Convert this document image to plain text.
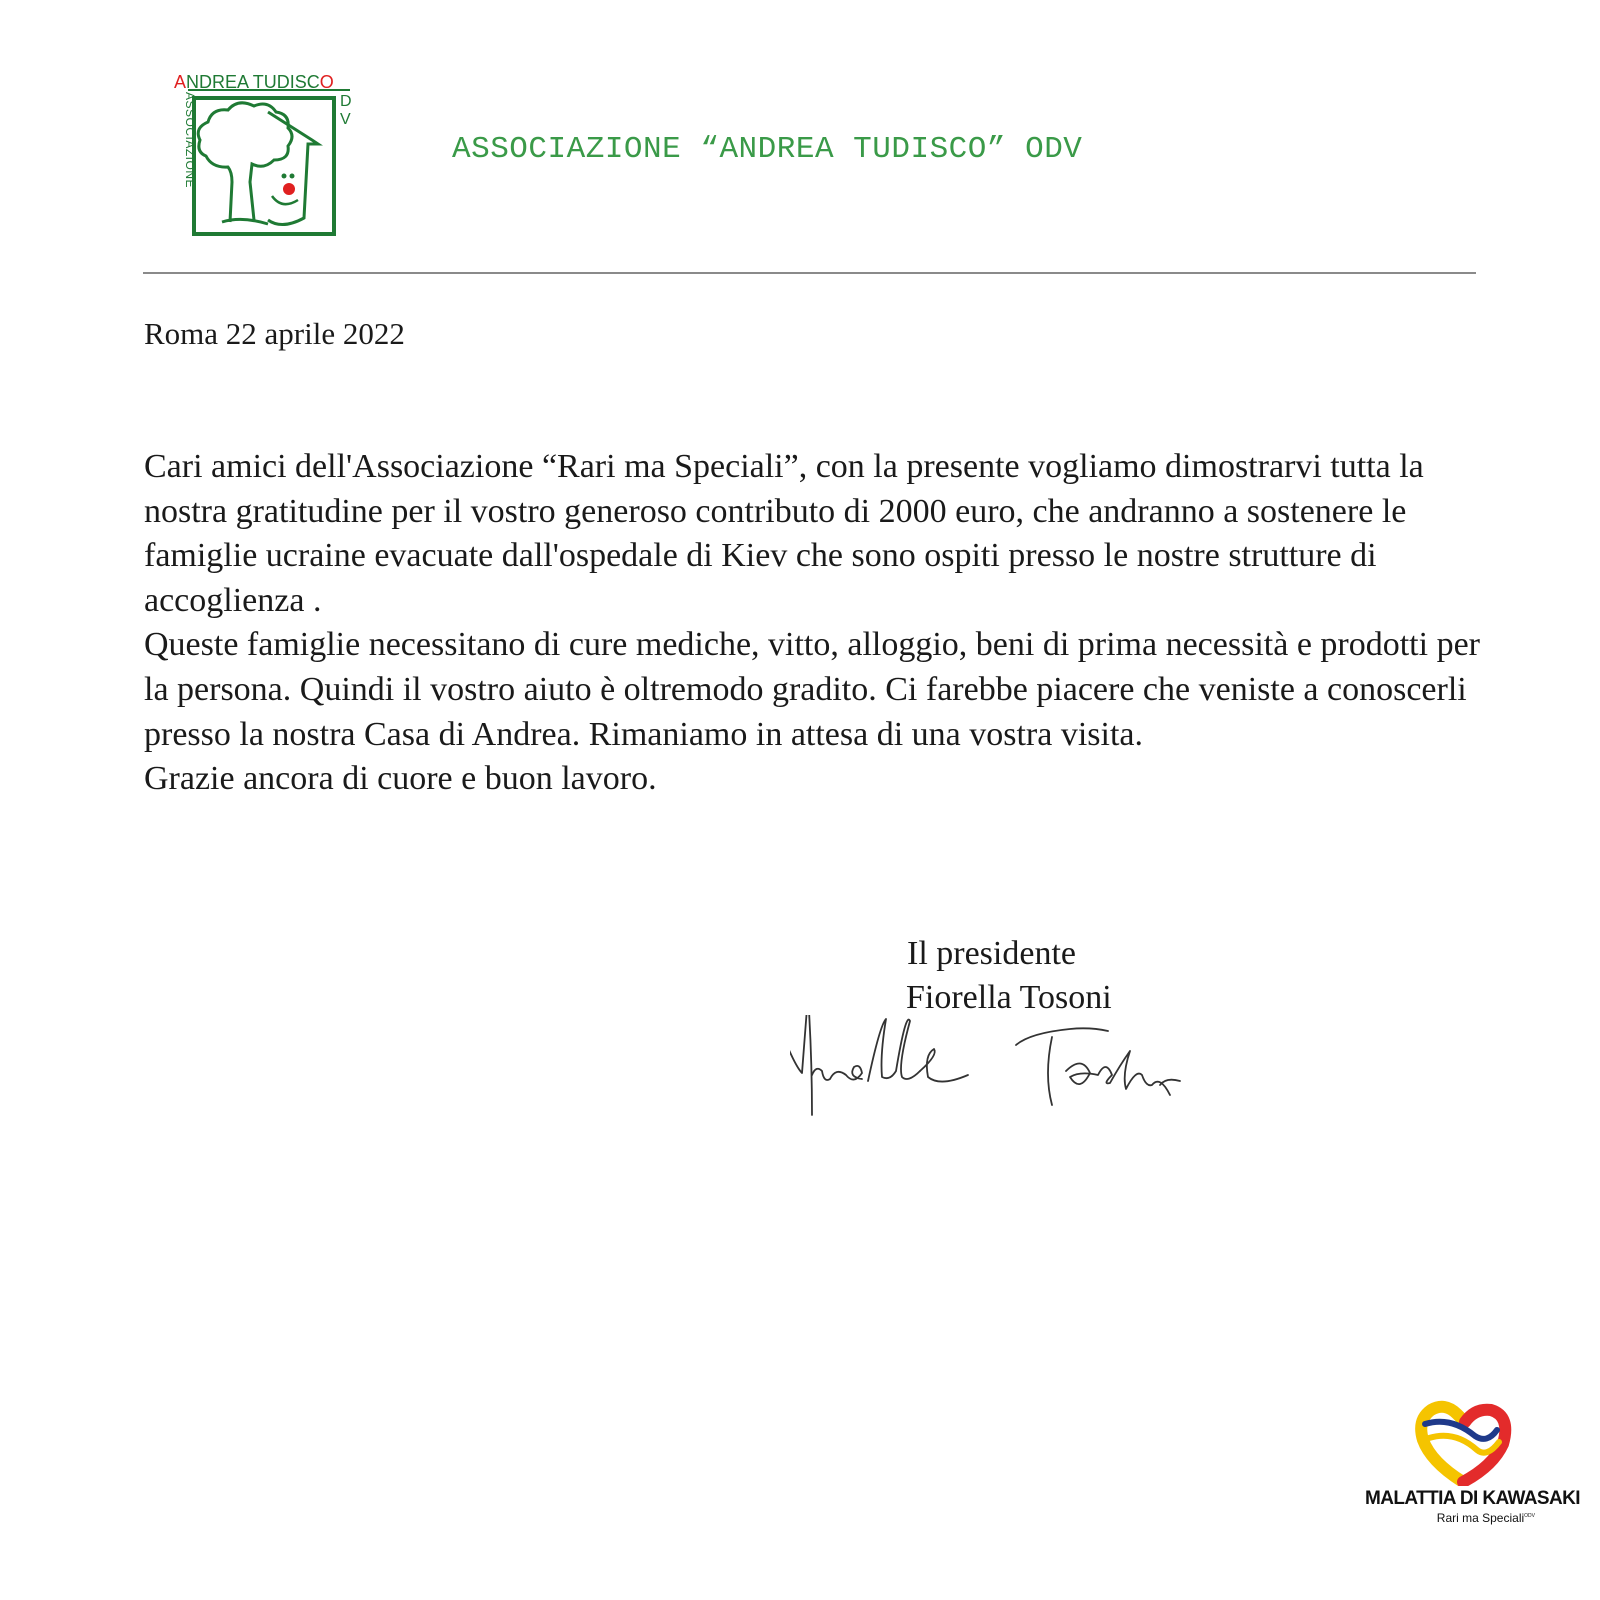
ANDREA TUDISCO
D
V
ASSOCIAZIONE	ASSOCIAZIONE “ANDREA TUDISCO” ODV
Roma 22 aprile 2022

Cari amici dell'Associazione “Rari ma Speciali”, con la presente vogliamo dimostrarvi tutta la nostra gratitudine per il vostro generoso contributo di 2000 euro, che andranno a sostenere le famiglie ucraine evacuate dall'ospedale di Kiev che sono ospiti presso le nostre strutture di accoglienza .

Queste famiglie necessitano di cure mediche, vitto, alloggio, beni di prima necessità e prodotti per la persona. Quindi il vostro aiuto è oltremodo gradito. Ci farebbe piacere che veniste a conoscerli presso la nostra Casa di Andrea. Rimaniamo in attesa di una vostra visita.

Grazie ancora di cuore e buon lavoro.

Il presidente
Fiorella Tosoni
MALATTIA DI KAWASAKI
Rari ma Speciali$^{ODV}$
